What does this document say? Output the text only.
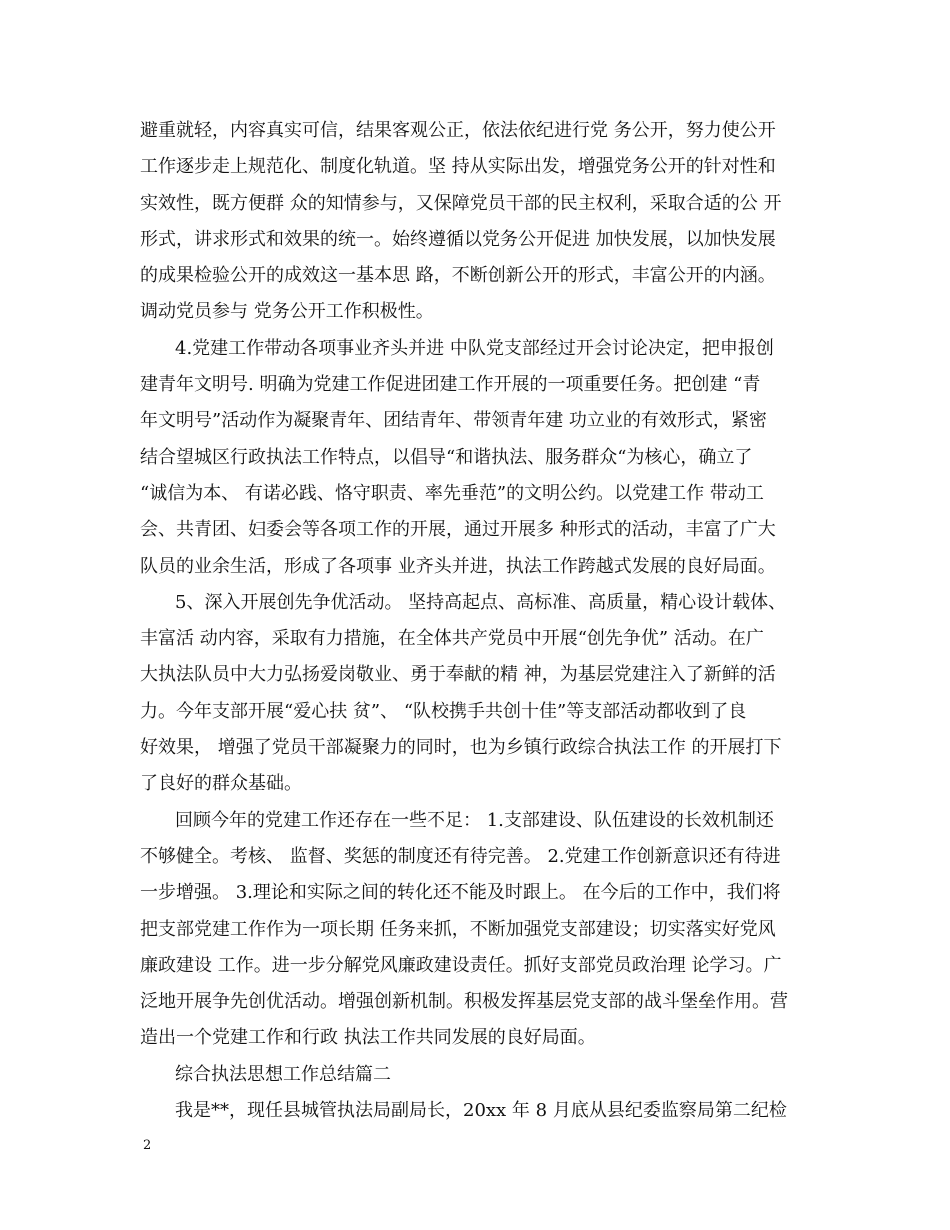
避重就轻，内容真实可信，结果客观公正，依法依纪进行党 务公开，努力使公开
工作逐步走上规范化、制度化轨道。坚 持从实际出发，增强党务公开的针对性和
实效性，既方便群 众的知情参与，又保障党员干部的民主权利，采取合适的公 开
形式，讲求形式和效果的统一。始终遵循以党务公开促进 加快发展，以加快发展
的成果检验公开的成效这一基本思 路，不断创新公开的形式，丰富公开的内涵。
调动党员参与 党务公开工作积极性。
4.党建工作带动各项事业齐头并进 中队党支部经过开会讨论决定，把申报创
建青年文明号. 明确为党建工作促进团建工作开展的一项重要任务。把创建 “青
年文明号”活动作为凝聚青年、团结青年、带领青年建 功立业的有效形式，紧密
结合望城区行政执法工作特点，以倡导“和谐执法、服务群众“为核心，确立了
“诚信为本、 有诺必践、恪守职责、率先垂范”的文明公约。以党建工作 带动工
会、共青团、妇委会等各项工作的开展，通过开展多 种形式的活动，丰富了广大
队员的业余生活，形成了各项事 业齐头并进，执法工作跨越式发展的良好局面。
5、深入开展创先争优活动。 坚持高起点、高标准、高质量，精心设计载体、
丰富活 动内容，采取有力措施，在全体共产党员中开展“创先争优” 活动。在广
大执法队员中大力弘扬爱岗敬业、勇于奉献的精 神，为基层党建注入了新鲜的活
力。今年支部开展“爱心扶 贫”、 “队校携手共创十佳”等支部活动都收到了良
好效果， 增强了党员干部凝聚力的同时，也为乡镇行政综合执法工作 的开展打下
了良好的群众基础。
回顾今年的党建工作还存在一些不足： 1.支部建设、队伍建设的长效机制还
不够健全。考核、 监督、奖惩的制度还有待完善。 2.党建工作创新意识还有待进
一步增强。 3.理论和实际之间的转化还不能及时跟上。 在今后的工作中，我们将
把支部党建工作作为一项长期 任务来抓，不断加强党支部建设；切实落实好党风
廉政建设 工作。进一步分解党风廉政建设责任。抓好支部党员政治理 论学习。广
泛地开展争先创优活动。增强创新机制。积极发挥基层党支部的战斗堡垒作用。营
造出一个党建工作和行政 执法工作共同发展的良好局面。
综合执法思想工作总结篇二
我是**，现任县城管执法局副局长，20xx 年 8 月底从县纪委监察局第二纪检
2
